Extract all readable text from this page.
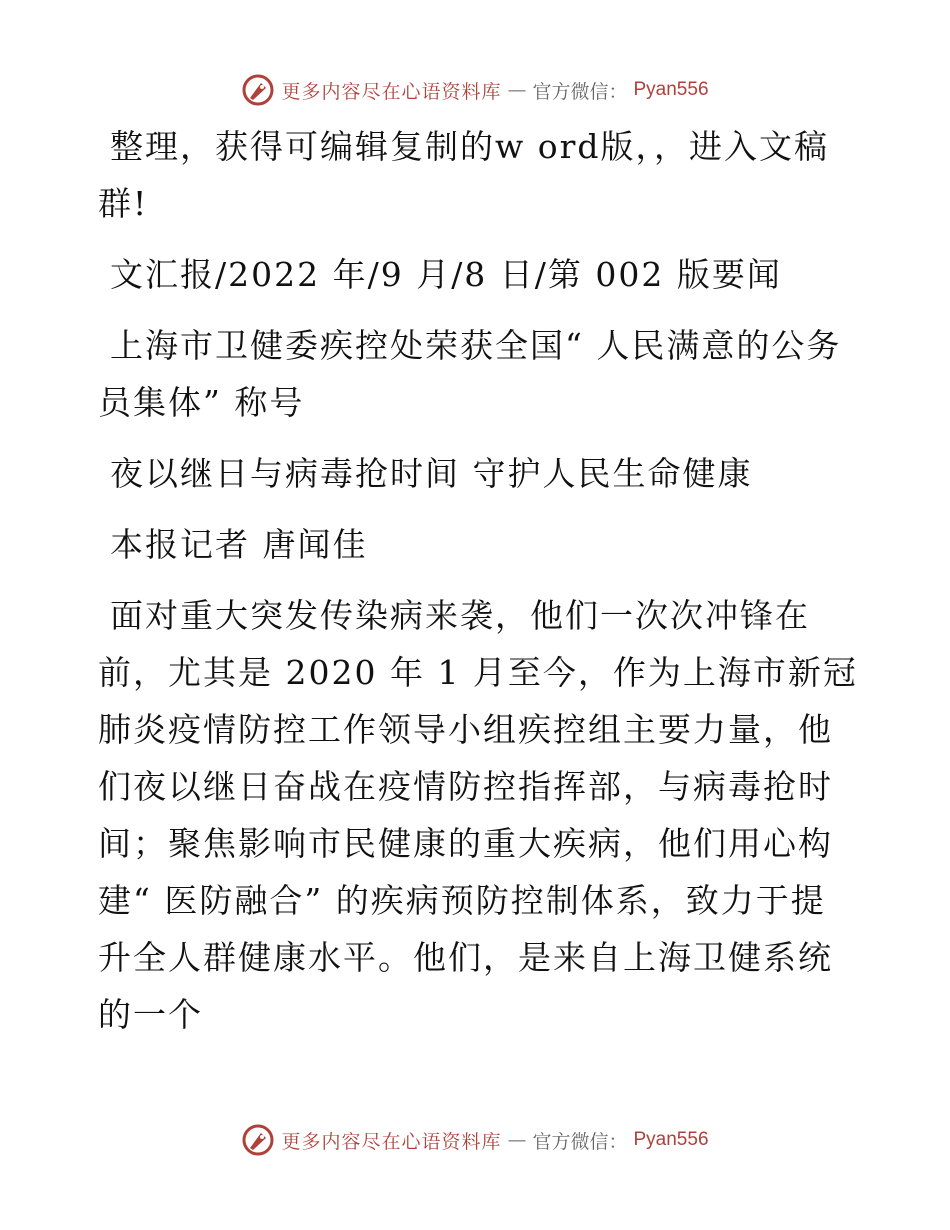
更多内容尽在心语资料库 — 官方微信： Pyan556

整理，获得可编辑复制的w ord版，，进入文稿群!

文汇报/2022 年/9 月/8 日/第 002 版要闻

上海市卫健委疾控处荣获全国“ 人民满意的公务员集体” 称号

夜以继日与病毒抢时间 守护人民生命健康

本报记者 唐闻佳

面对重大突发传染病来袭，他们一次次冲锋在前，尤其是 2020 年 1 月至今，作为上海市新冠肺炎疫情防控工作领导小组疾控组主要力量，他们夜以继日奋战在疫情防控指挥部，与病毒抢时间；聚焦影响市民健康的重大疾病，他们用心构建“ 医防融合” 的疾病预防控制体系，致力于提升全人群健康水平。他们，是来自上海卫健系统的一个

更多内容尽在心语资料库 — 官方微信： Pyan556
